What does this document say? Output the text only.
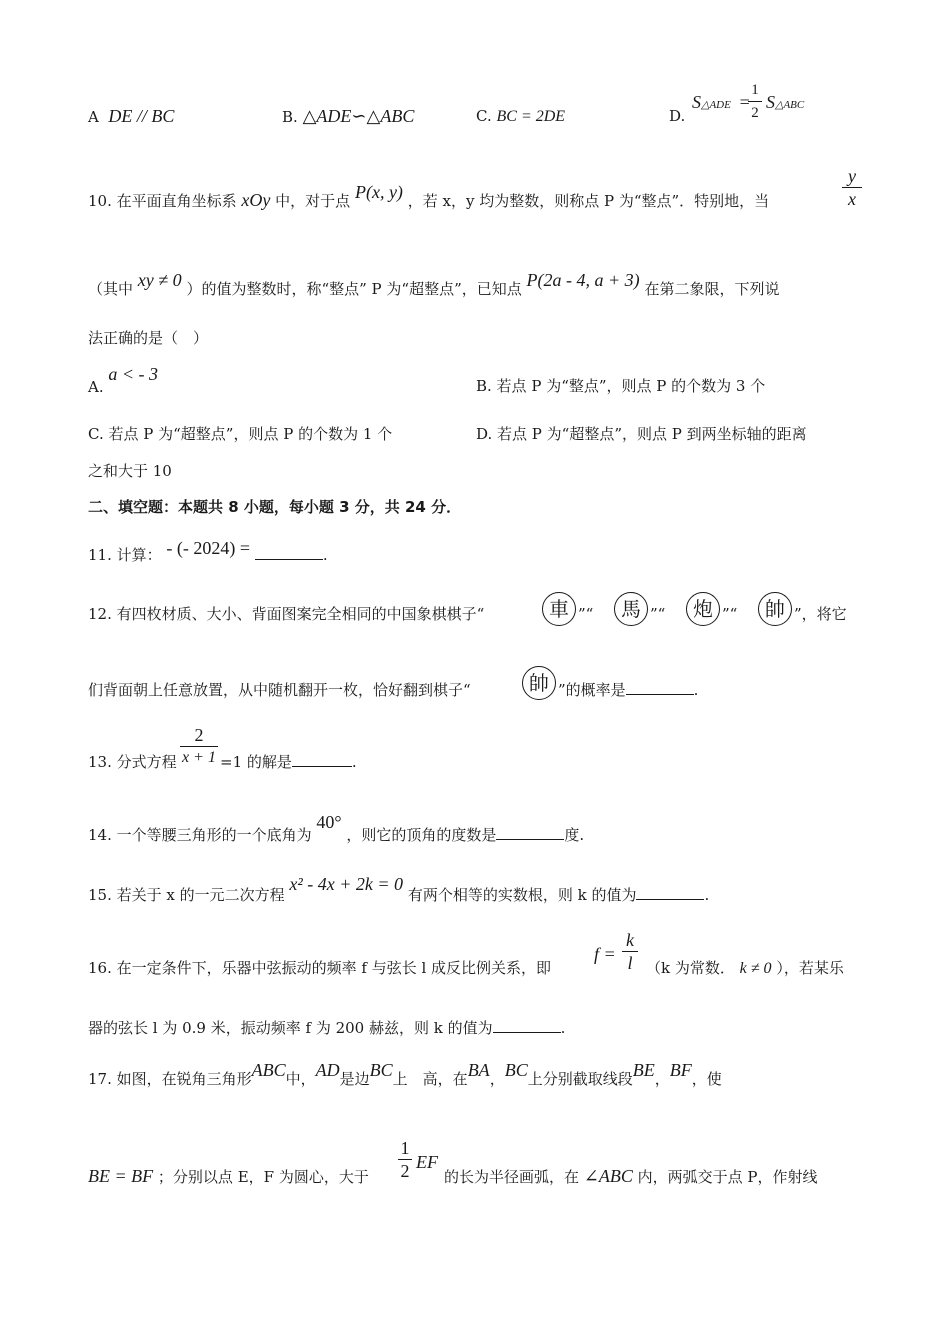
A DE // BC	B. △ADE∽△ABC	C. BC = 2DE	D.
S△ADE =
1
2
S△ABC
10. 在平面直角坐标系 xOy 中，对于点 P(x, y) ，若 x，y 均为整数，则称点 P 为“整点”．特别地，当
y
x
（其中 xy ≠ 0 ）的值为整数时，称“整点” P 为“超整点”，已知点 P(2a - 4, a + 3) 在第二象限，下列说
法正确的是（　）
A. a < - 3
B. 若点 P 为“整点”，则点 P 的个数为 3 个
C. 若点 P 为“超整点”，则点 P 的个数为 1 个	D. 若点 P 为“超整点”，则点 P 到两坐标轴的距离
之和大于 10
二、填空题：本题共 8 小题，每小题 3 分，共 24 分．
11. 计算： - (- 2024) =	.
12. 有四枚材质、大小、背面图案完全相同的中国象棋棋子“	車 ”“	馬 ”“	炮 ”“	帥 ”，将它
们背面朝上任意放置，从中随机翻开一枚，恰好翻到棋子“	帥 ”的概率是	.
13. 分式方程
2
x + 1 =1 的解是	.
14. 一个等腰三角形的一个底角为 40° ，则它的顶角的度数是	度.
15. 若关于 x 的一元二次方程 x² - 4x + 2k = 0 有两个相等的实数根，则 k 的值为	.
16. 在一定条件下，乐器中弦振动的频率 f 与弦长 l 成反比例关系，即
f =
k
l （k 为常数． k ≠ 0 ），若某乐
器的弦长 l 为 0.9 米，振动频率 f 为 200 赫兹，则 k 的值为	.
17. 如图，在锐角三角形ABC中，AD是边BC上　高，在BA，BC上分别截取线段BE，BF，使
BE = BF ；分别以点 E，F 为圆心，大于
1
2 EF
的长为半径画弧，在 ∠ABC 内，两弧交于点 P，作射线
